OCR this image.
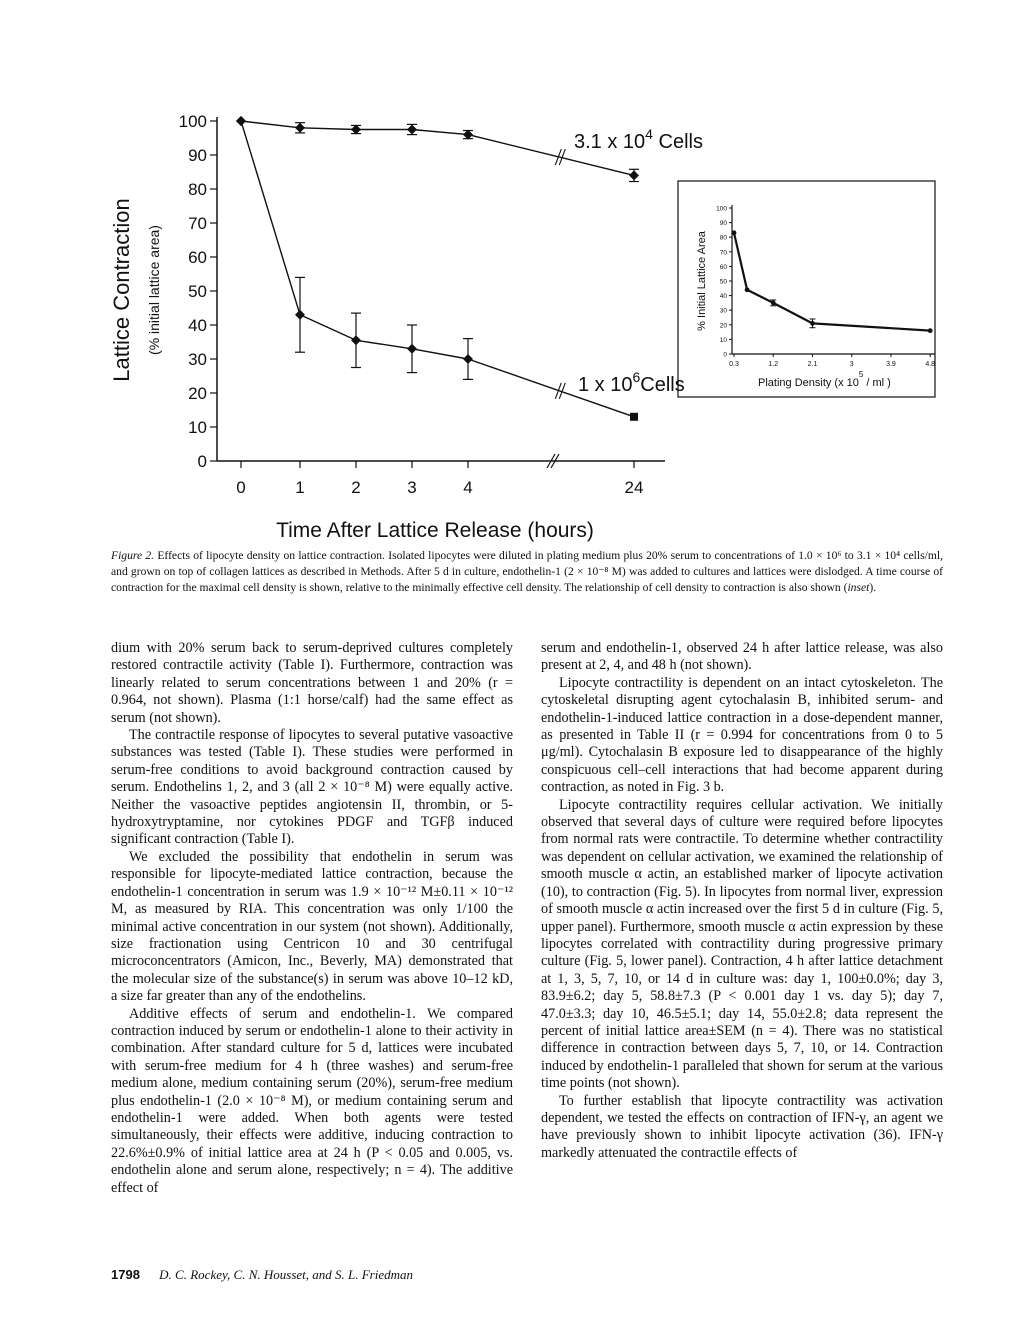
0
10
20
30
40
50
60
70
80
90
100
0	1	2	3	4	24
Time After Lattice Release (hours)
Lattice Contraction (% initial lattice area)
3.1 x $10^4$ Cells
1 x $10^6Cells$
0
10
20
30
40
50
60
70
80
90
100
0.3	1.2	2.1	3	3.9	4.8
Plating Density (x $10^5$ / ml )
% Initial Lattice Area
Figure 2. Effects of lipocyte density on lattice contraction. Isolated lipocytes were diluted in plating medium plus 20% serum to concentrations of 1.0 × 10⁶ to 3.1 × 10⁴ cells/ml, and grown on top of collagen lattices as described in Methods. After 5 d in culture, endothelin-1 (2 × 10⁻⁸ M) was added to cultures and lattices were dislodged. A time course of contraction for the maximal cell density is shown, relative to the minimally effective cell density. The relationship of cell density to contraction is also shown (inset).

dium with 20% serum back to serum-deprived cultures completely restored contractile activity (Table I). Furthermore, contraction was linearly related to serum concentrations between 1 and 20% (r = 0.964, not shown). Plasma (1:1 horse/calf) had the same effect as serum (not shown).

The contractile response of lipocytes to several putative vasoactive substances was tested (Table I). These studies were performed in serum-free conditions to avoid background contraction caused by serum. Endothelins 1, 2, and 3 (all 2 × 10⁻⁸ M) were equally active. Neither the vasoactive peptides angiotensin II, thrombin, or 5-hydroxytryptamine, nor cytokines PDGF and TGFβ induced significant contraction (Table I).

We excluded the possibility that endothelin in serum was responsible for lipocyte-mediated lattice contraction, because the endothelin-1 concentration in serum was 1.9 × 10⁻¹² M±0.11 × 10⁻¹² M, as measured by RIA. This concentration was only 1/100 the minimal active concentration in our system (not shown). Additionally, size fractionation using Centricon 10 and 30 centrifugal microconcentrators (Amicon, Inc., Beverly, MA) demonstrated that the molecular size of the substance(s) in serum was above 10–12 kD, a size far greater than any of the endothelins.

Additive effects of serum and endothelin-1. We compared contraction induced by serum or endothelin-1 alone to their activity in combination. After standard culture for 5 d, lattices were incubated with serum-free medium for 4 h (three washes) and serum-free medium alone, medium containing serum (20%), serum-free medium plus endothelin-1 (2.0 × 10⁻⁸ M), or medium containing serum and endothelin-1 were added. When both agents were tested simultaneously, their effects were additive, inducing contraction to 22.6%±0.9% of initial lattice area at 24 h (P < 0.05 and 0.005, vs. endothelin alone and serum alone, respectively; n = 4). The additive effect of

serum and endothelin-1, observed 24 h after lattice release, was also present at 2, 4, and 48 h (not shown).

Lipocyte contractility is dependent on an intact cytoskeleton. The cytoskeletal disrupting agent cytochalasin B, inhibited serum- and endothelin-1-induced lattice contraction in a dose-dependent manner, as presented in Table II (r = 0.994 for concentrations from 0 to 5 μg/ml). Cytochalasin B exposure led to disappearance of the highly conspicuous cell–cell interactions that had become apparent during contraction, as noted in Fig. 3 b.

Lipocyte contractility requires cellular activation. We initially observed that several days of culture were required before lipocytes from normal rats were contractile. To determine whether contractility was dependent on cellular activation, we examined the relationship of smooth muscle α actin, an established marker of lipocyte activation (10), to contraction (Fig. 5). In lipocytes from normal liver, expression of smooth muscle α actin increased over the first 5 d in culture (Fig. 5, upper panel). Furthermore, smooth muscle α actin expression by these lipocytes correlated with contractility during progressive primary culture (Fig. 5, lower panel). Contraction, 4 h after lattice detachment at 1, 3, 5, 7, 10, or 14 d in culture was: day 1, 100±0.0%; day 3, 83.9±6.2; day 5, 58.8±7.3 (P < 0.001 day 1 vs. day 5); day 7, 47.0±3.3; day 10, 46.5±5.1; day 14, 55.0±2.8; data represent the percent of initial lattice area±SEM (n = 4). There was no statistical difference in contraction between days 5, 7, 10, or 14. Contraction induced by endothelin-1 paralleled that shown for serum at the various time points (not shown).

To further establish that lipocyte contractility was activation dependent, we tested the effects on contraction of IFN-γ, an agent we have previously shown to inhibit lipocyte activation (36). IFN-γ markedly attenuated the contractile effects of

1798 D. C. Rockey, C. N. Housset, and S. L. Friedman
